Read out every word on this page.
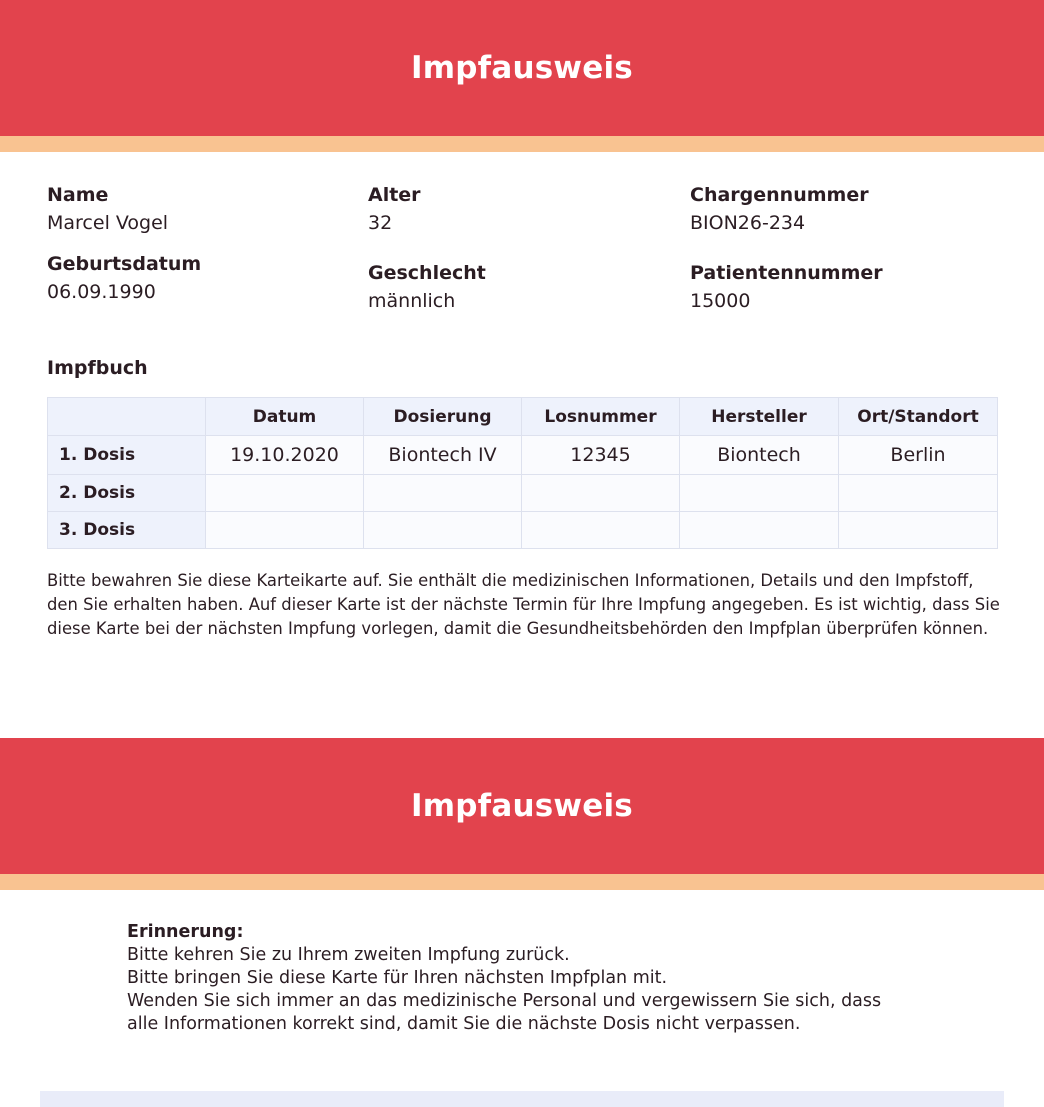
Impfausweis
Name
Marcel Vogel
Geburtsdatum
06.09.1990
Alter
32
Geschlecht
männlich
Chargennummer
BION26-234
Patientennummer
15000
Impfbuch
	Datum	Dosierung	Losnummer	Hersteller	Ort/Standort
1. Dosis	19.10.2020	Biontech IV	12345	Biontech	Berlin
2. Dosis					
3. Dosis					

Bitte bewahren Sie diese Karteikarte auf. Sie enthält die medizinischen Informationen, Details und den Impfstoff, den Sie erhalten haben. Auf dieser Karte ist der nächste Termin für Ihre Impfung angegeben. Es ist wichtig, dass Sie diese Karte bei der nächsten Impfung vorlegen, damit die Gesundheitsbehörden den Impfplan überprüfen können.

Impfausweis
Erinnerung:
Bitte kehren Sie zu Ihrem zweiten Impfung zurück.
Bitte bringen Sie diese Karte für Ihren nächsten Impfplan mit.
Wenden Sie sich immer an das medizinische Personal und vergewissern Sie sich, dass
alle Informationen korrekt sind, damit Sie die nächste Dosis nicht verpassen.
